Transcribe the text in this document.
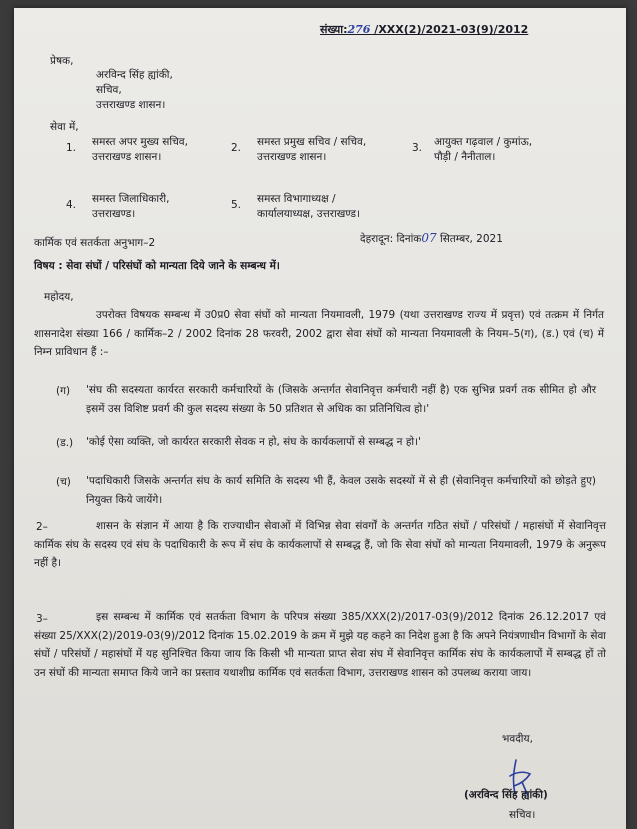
संख्या:276 /XXX(2)/2021-03(9)/2012
प्रेषक,
अरविन्द सिंह ह्यांकी,
सचिव,
उत्तराखण्ड शासन।
सेवा में,
1. समस्त अपर मुख्य सचिव,
उत्तराखण्ड शासन।
2. समस्त प्रमुख सचिव / सचिव,
उत्तराखण्ड शासन।
3. आयुक्त गढ़वाल / कुमांऊ,
पौड़ी / नैनीताल।
4. समस्त जिलाधिकारी,
उत्तराखण्ड।
5. समस्त विभागाध्यक्ष /
कार्यालयाध्यक्ष, उत्तराखण्ड।
कार्मिक एवं सतर्कता अनुभाग–2	देहरादून: दिनांक07 सितम्बर, 2021
विषय : सेवा संघों / परिसंघों को मान्यता दिये जाने के सम्बन्ध में।
महोदय,
उपरोक्त विषयक सम्बन्ध में उ0प्र0 सेवा संघों को मान्यता नियमावली, 1979 (यथा उत्तराखण्ड राज्य में प्रवृत्त) एवं तत्क्रम में निर्गत शासनादेश संख्या 166 / कार्मिक–2 / 2002 दिनांक 28 फरवरी, 2002 द्वारा सेवा संघों को मान्यता नियमावली के नियम–5(ग), (ड.) एवं (च) में निम्न प्राविधान हैं :–
(ग) 'संघ की सदस्यता कार्यरत सरकारी कर्मचारियों के (जिसके अन्तर्गत सेवानिवृत्त कर्मचारी नहीं है) एक सुभिन्न प्रवर्ग तक सीमित हो और इसमें उस विशिष्ट प्रवर्ग की कुल सदस्य संख्या के 50 प्रतिशत से अधिक का प्रतिनिधित्व हो।'
(ड.) 'कोई ऐसा व्यक्ति, जो कार्यरत सरकारी सेवक न हो, संघ के कार्यकलापों से सम्बद्ध न हो।'
(च) 'पदाधिकारी जिसके अन्तर्गत संघ के कार्य समिति के सदस्य भी हैं, केवल उसके सदस्यों में से ही (सेवानिवृत्त कर्मचारियों को छोड़ते हुए) नियुक्त किये जायेंगे।
2–	शासन के संज्ञान में आया है कि राज्याधीन सेवाओं में विभिन्न सेवा संवर्गों के अन्तर्गत गठित संघों / परिसंघों / महासंघों में सेवानिवृत्त कार्मिक संघ के सदस्य एवं संघ के पदाधिकारी के रूप में संघ के कार्यकलापों से सम्बद्ध हैं, जो कि सेवा संघों को मान्यता नियमावली, 1979 के अनुरूप नहीं है।
3–	इस सम्बन्ध में कार्मिक एवं सतर्कता विभाग के परिपत्र संख्या 385/XXX(2)/2017-03(9)/2012 दिनांक 26.12.2017 एवं संख्या 25/XXX(2)/2019-03(9)/2012 दिनांक 15.02.2019 के क्रम में मुझे यह कहने का निदेश हुआ है कि अपने नियंत्रणाधीन विभागों के सेवा संघों / परिसंघों / महासंघों में यह सुनिश्चित किया जाय कि किसी भी मान्यता प्राप्त सेवा संघ में सेवानिवृत्त कार्मिक संघ के कार्यकलापों में सम्बद्ध हों तो उन संघों की मान्यता समाप्त किये जाने का प्रस्ताव यथाशीघ्र कार्मिक एवं सतर्कता विभाग, उत्तराखण्ड शासन को उपलब्ध कराया जाय।
भवदीय,
(अरविन्द सिंह ह्यांकी)
सचिव।
